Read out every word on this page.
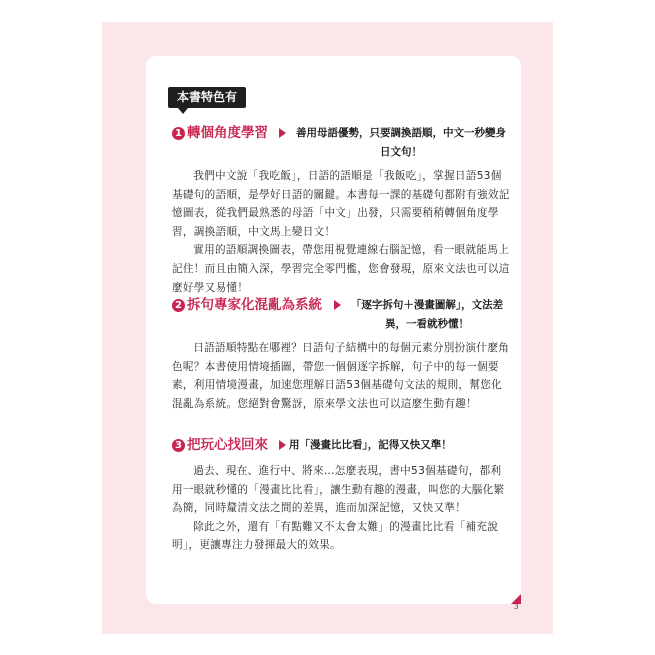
本書特色有
1 轉個角度學習	善用母語優勢，只要調換語順，中文一秒變身
日文句！

我們中文說「我吃飯」，日語的語順是「我飯吃」，掌握日語53個基礎句的語順，是學好日語的關鍵。本書每一課的基礎句都附有強效記憶圖表，從我們最熟悉的母語「中文」出發，只需要稍稍轉個角度學習，調換語順，中文馬上變日文！

實用的語順調換圖表，帶您用視覺連線右腦記憶，看一眼就能馬上記住！而且由簡入深，學習完全零門檻，您會發現，原來文法也可以這麼好學又易懂！

2 拆句專家化混亂為系統	「逐字拆句＋漫畫圖解」，文法差
異，一看就秒懂！

日語語順特點在哪裡？日語句子結構中的每個元素分別扮演什麼角色呢？本書使用情境插圖，帶您一個個逐字拆解，句子中的每一個要素，利用情境漫畫，加速您理解日語53個基礎句文法的規則，幫您化混亂為系統。您絕對會驚訝，原來學文法也可以這麼生動有趣！

3 把玩心找回來 用「漫畫比比看」，記得又快又準！

過去、現在、進行中、將來…怎麼表現，書中53個基礎句，都利用一眼就秒懂的「漫畫比比看」，讓生動有趣的漫畫，叫您的大腦化繁為簡，同時釐清文法之間的差異，進而加深記憶，又快又準！

除此之外，還有「有點難又不太會太難」的漫畫比比看「補充說明」，更讓專注力發揮最大的效果。

3
